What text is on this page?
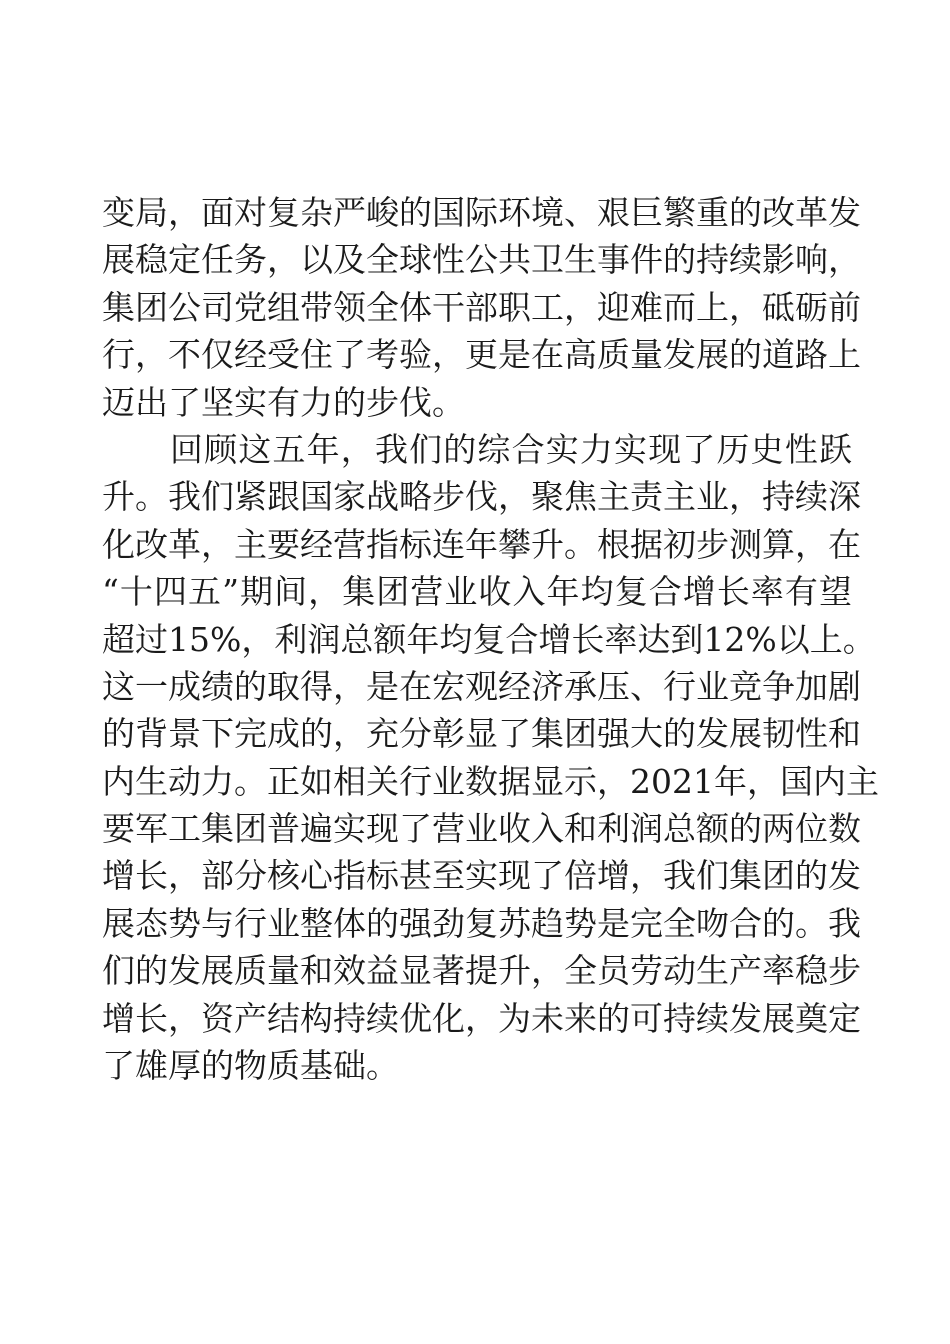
变局，面对复杂严峻的国际环境、艰巨繁重的改革发
展稳定任务，以及全球性公共卫生事件的持续影响，
集团公司党组带领全体干部职工，迎难而上，砥砺前
行，不仅经受住了考验，更是在高质量发展的道路上
迈出了坚实有力的步伐。
回顾这五年，我们的综合实力实现了历史性跃
升。我们紧跟国家战略步伐，聚焦主责主业，持续深
化改革，主要经营指标连年攀升。根据初步测算，在
“十四五”期间，集团营业收入年均复合增长率有望
超过15%，利润总额年均复合增长率达到12%以上。
这一成绩的取得，是在宏观经济承压、行业竞争加剧
的背景下完成的，充分彰显了集团强大的发展韧性和
内生动力。正如相关行业数据显示，2021年，国内主
要军工集团普遍实现了营业收入和利润总额的两位数
增长，部分核心指标甚至实现了倍增，我们集团的发
展态势与行业整体的强劲复苏趋势是完全吻合的。我
们的发展质量和效益显著提升，全员劳动生产率稳步
增长，资产结构持续优化，为未来的可持续发展奠定
了雄厚的物质基础。
